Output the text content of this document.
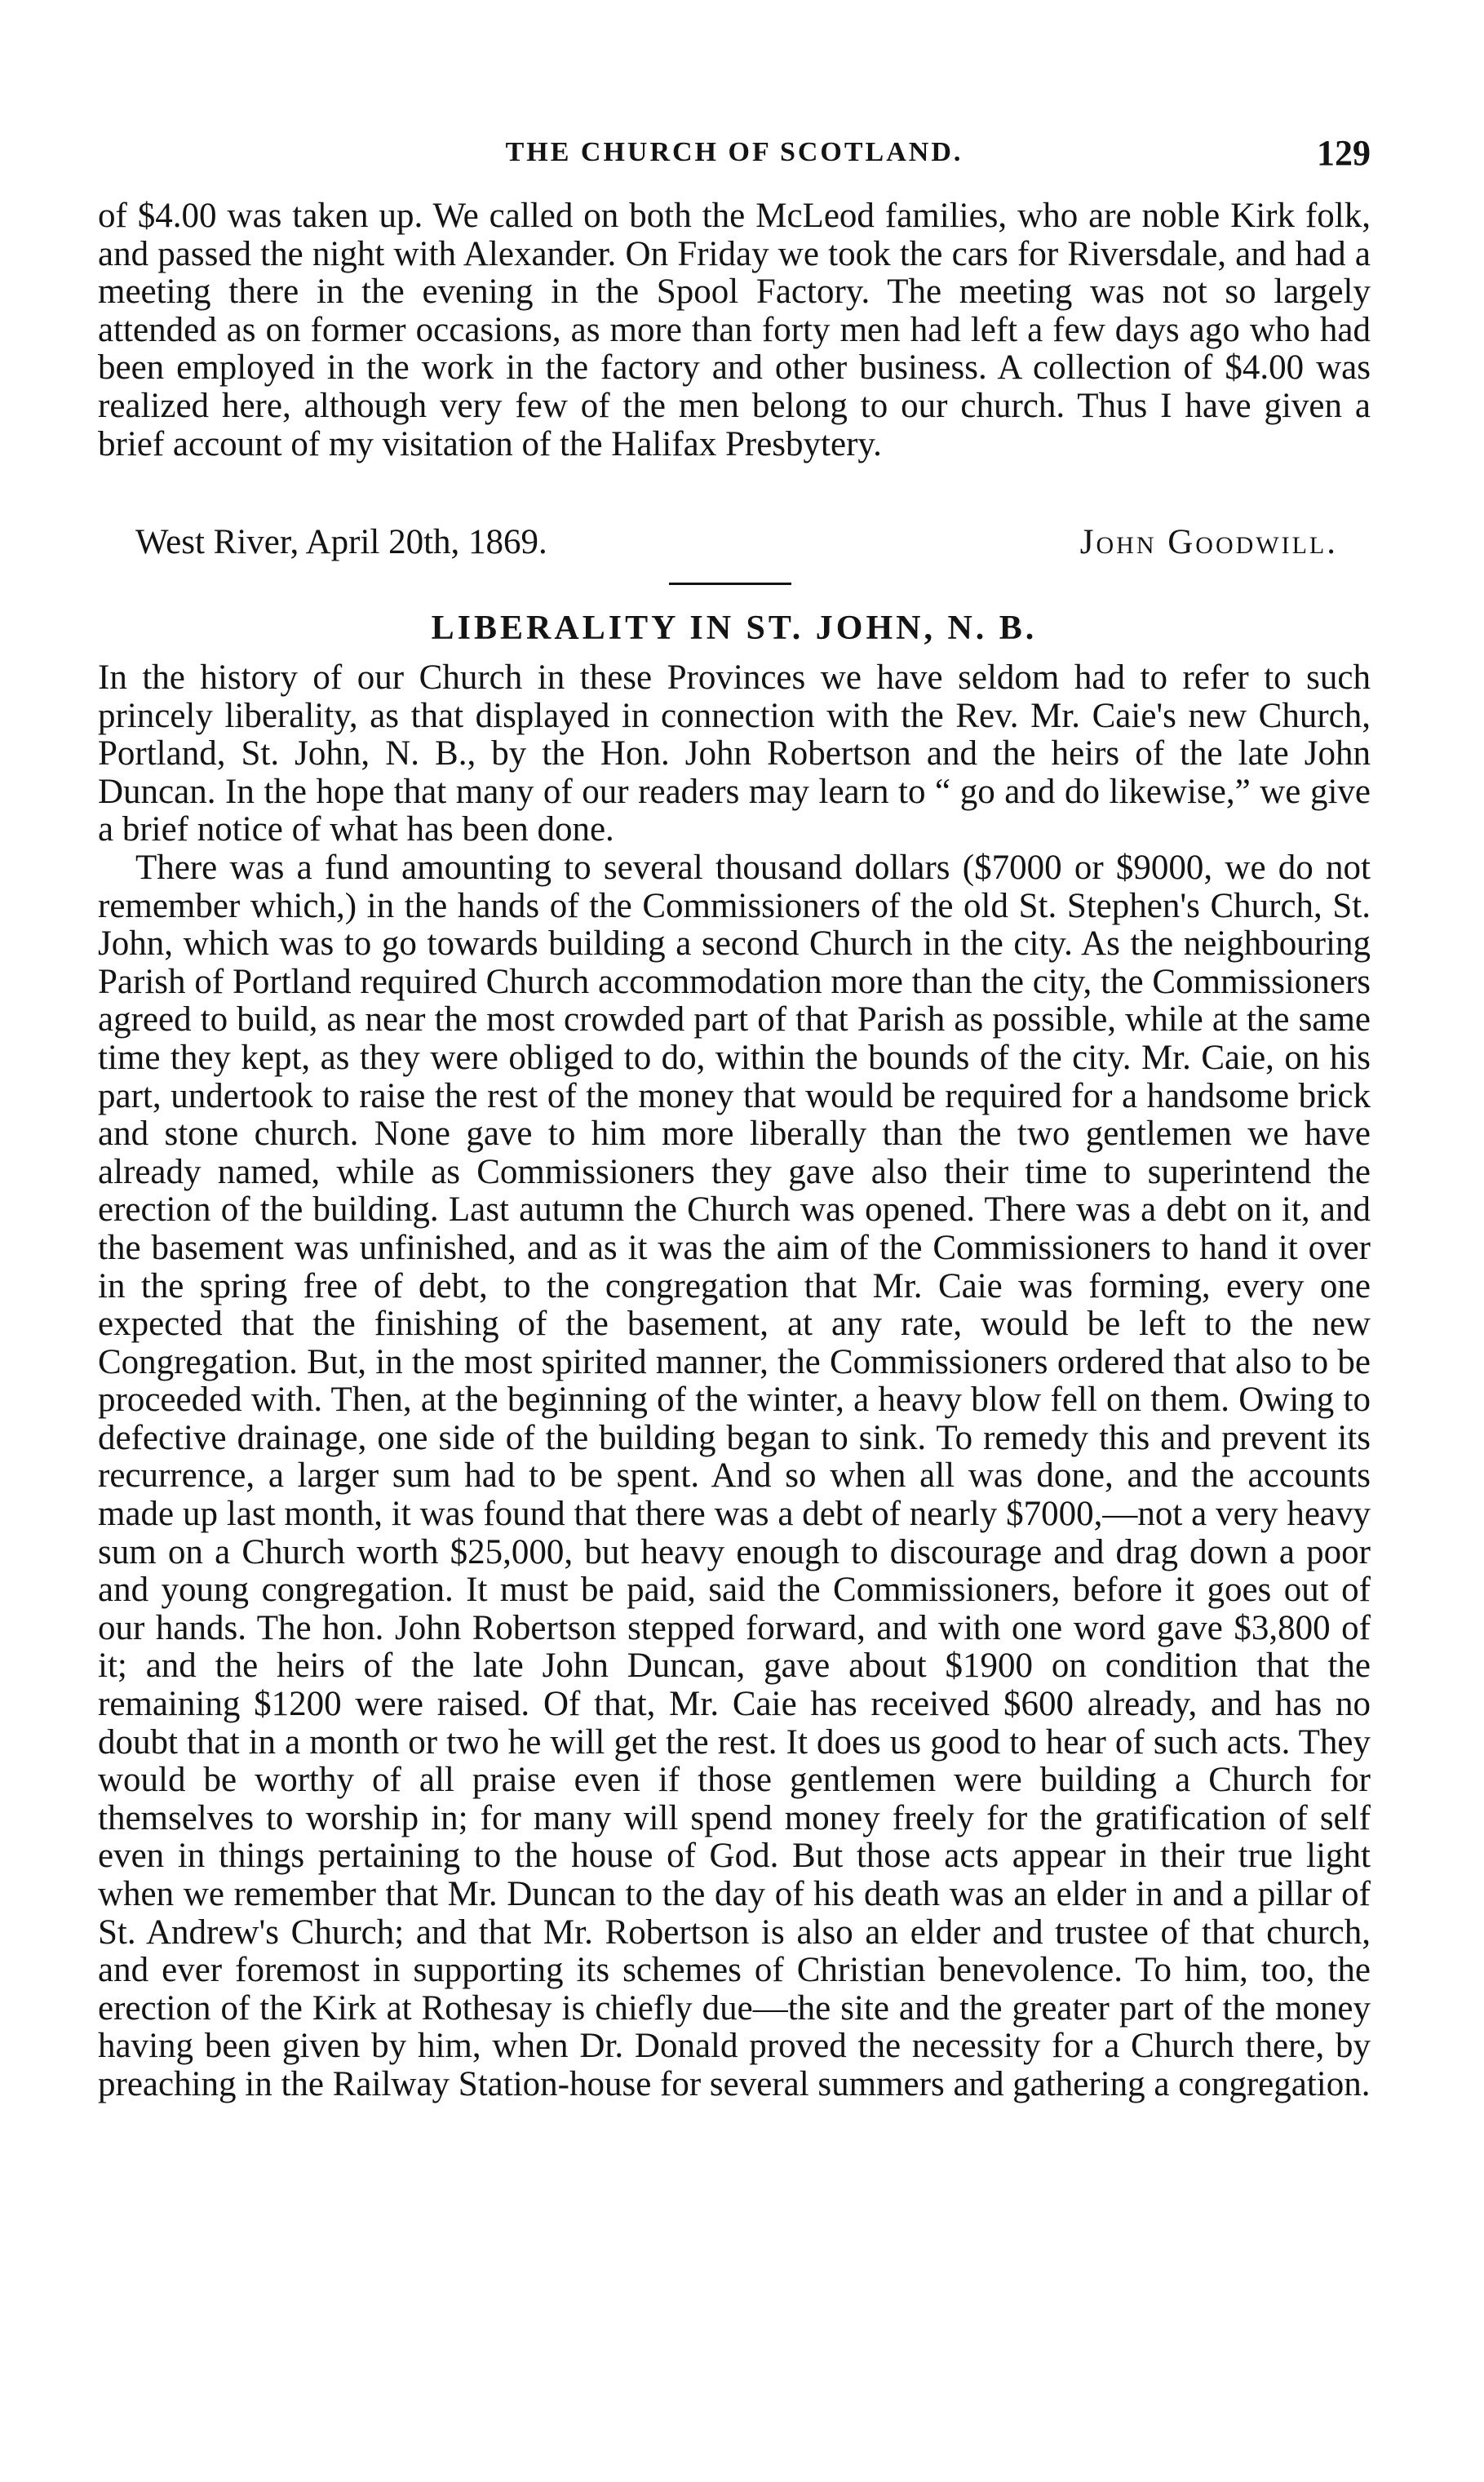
THE CHURCH OF SCOTLAND.	129

of $4.00 was taken up. We called on both the McLeod families, who are noble Kirk folk, and passed the night with Alexander. On Friday we took the cars for Riversdale, and had a meeting there in the evening in the Spool Factory. The meeting was not so largely attended as on former occasions, as more than forty men had left a few days ago who had been employed in the work in the factory and other business. A collection of $4.00 was realized here, although very few of the men belong to our church. Thus I have given a brief account of my visitation of the Halifax Presbytery.

West River, April 20th, 1869.	John Goodwill.
LIBERALITY IN ST. JOHN, N. B.

In the history of our Church in these Provinces we have seldom had to refer to such princely liberality, as that displayed in connection with the Rev. Mr. Caie's new Church, Portland, St. John, N. B., by the Hon. John Robertson and the heirs of the late John Duncan. In the hope that many of our readers may learn to “ go and do likewise,” we give a brief notice of what has been done.

There was a fund amounting to several thousand dollars ($7000 or $9000, we do not remember which,) in the hands of the Commissioners of the old St. Stephen's Church, St. John, which was to go towards building a second Church in the city. As the neighbouring Parish of Portland required Church accommodation more than the city, the Commissioners agreed to build, as near the most crowded part of that Parish as possible, while at the same time they kept, as they were obliged to do, within the bounds of the city. Mr. Caie, on his part, undertook to raise the rest of the money that would be required for a handsome brick and stone church. None gave to him more liberally than the two gentlemen we have already named, while as Commissioners they gave also their time to superintend the erection of the building. Last autumn the Church was opened. There was a debt on it, and the basement was unfinished, and as it was the aim of the Commissioners to hand it over in the spring free of debt, to the congregation that Mr. Caie was forming, every one expected that the finishing of the basement, at any rate, would be left to the new Congregation. But, in the most spirited manner, the Commissioners ordered that also to be proceeded with. Then, at the beginning of the winter, a heavy blow fell on them. Owing to defective drainage, one side of the building began to sink. To remedy this and prevent its recurrence, a larger sum had to be spent. And so when all was done, and the accounts made up last month, it was found that there was a debt of nearly $7000,—not a very heavy sum on a Church worth $25,000, but heavy enough to discourage and drag down a poor and young congregation. It must be paid, said the Commissioners, before it goes out of our hands. The hon. John Robertson stepped forward, and with one word gave $3,800 of it; and the heirs of the late John Duncan, gave about $1900 on condition that the remaining $1200 were raised. Of that, Mr. Caie has received $600 already, and has no doubt that in a month or two he will get the rest. It does us good to hear of such acts. They would be worthy of all praise even if those gentlemen were building a Church for themselves to worship in; for many will spend money freely for the gratification of self even in things pertaining to the house of God. But those acts appear in their true light when we remember that Mr. Duncan to the day of his death was an elder in and a pillar of St. Andrew's Church; and that Mr. Robertson is also an elder and trustee of that church, and ever foremost in supporting its schemes of Christian benevolence. To him, too, the erection of the Kirk at Rothesay is chiefly due—the site and the greater part of the money having been given by him, when Dr. Donald proved the necessity for a Church there, by preaching in the Railway Station-house for several summers and gathering a congregation.
